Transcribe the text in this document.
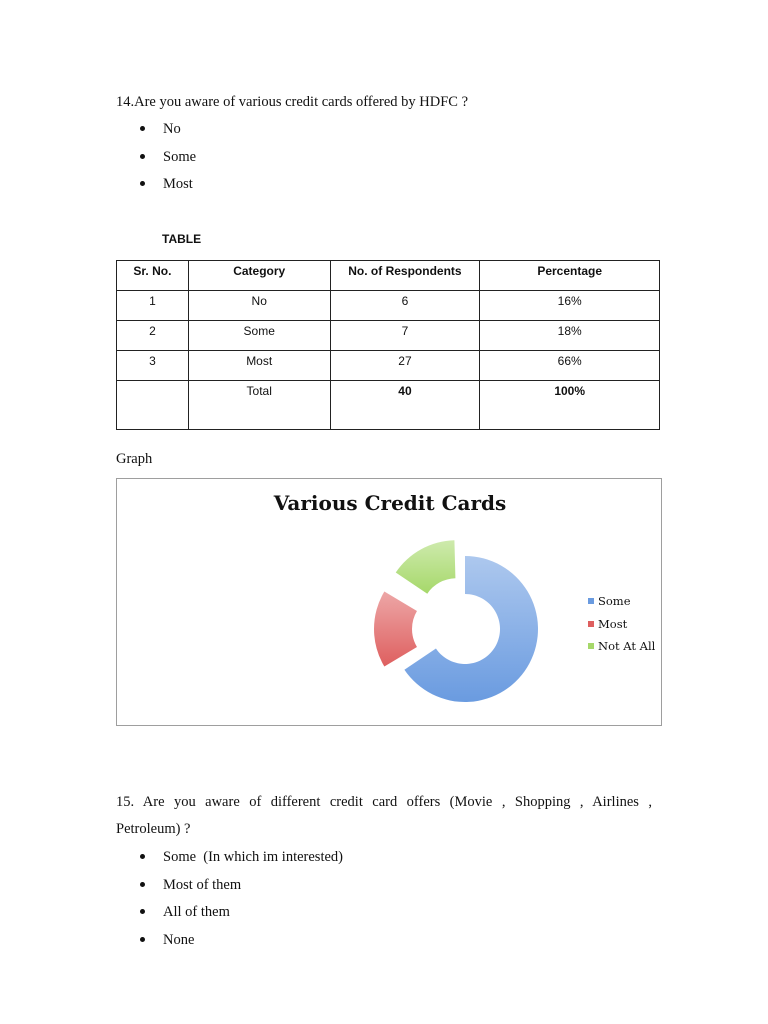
14.Are you aware of various credit cards offered by HDFC ?
No
Some
Most
TABLE
Sr. No.	Category	No. of Respondents	Percentage
1	No	6	16%
2	Some	7	18%
3	Most	27	66%
	Total	40	100%
Graph
Various Credit Cards
Some
Most
Not At All
15. Are you aware of different credit card offers (Movie , Shopping , Airlines ,
Petroleum) ?
Some  (In which im interested)
Most of them
All of them
None
